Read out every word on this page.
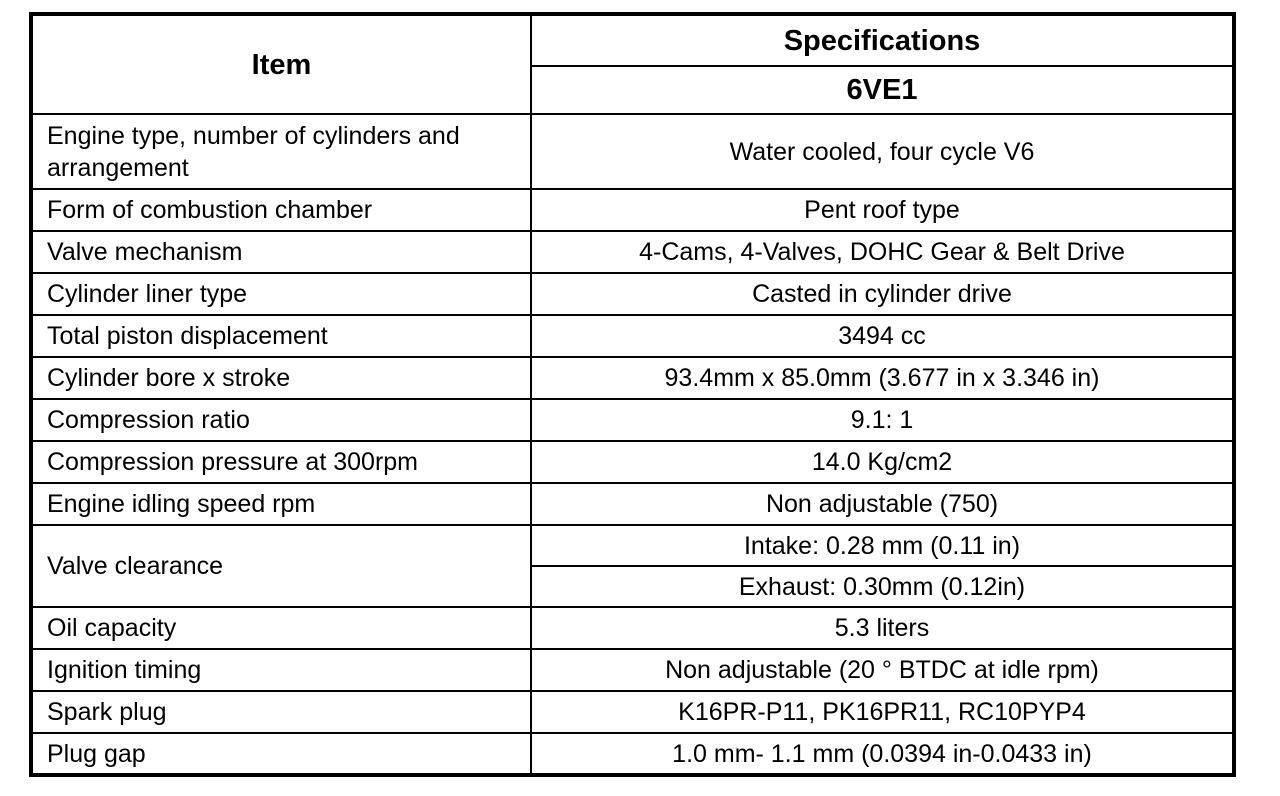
Item	Specifications
	6VE1
Engine type, number of cylinders and arrangement	Water cooled, four cycle V6
Form of combustion chamber	Pent roof type
Valve mechanism	4-Cams, 4-Valves, DOHC Gear & Belt Drive
Cylinder liner type	Casted in cylinder drive
Total piston displacement	3494 cc
Cylinder bore x stroke	93.4mm x 85.0mm (3.677 in x 3.346 in)
Compression ratio	9.1: 1
Compression pressure at 300rpm	14.0 Kg/cm2
Engine idling speed rpm	Non adjustable (750)
Valve clearance	Intake: 0.28 mm (0.11 in)
	Exhaust: 0.30mm (0.12in)
Oil capacity	5.3 liters
Ignition timing	Non adjustable (20 ° BTDC at idle rpm)
Spark plug	K16PR-P11, PK16PR11, RC10PYP4
Plug gap	1.0 mm- 1.1 mm (0.0394 in-0.0433 in)
